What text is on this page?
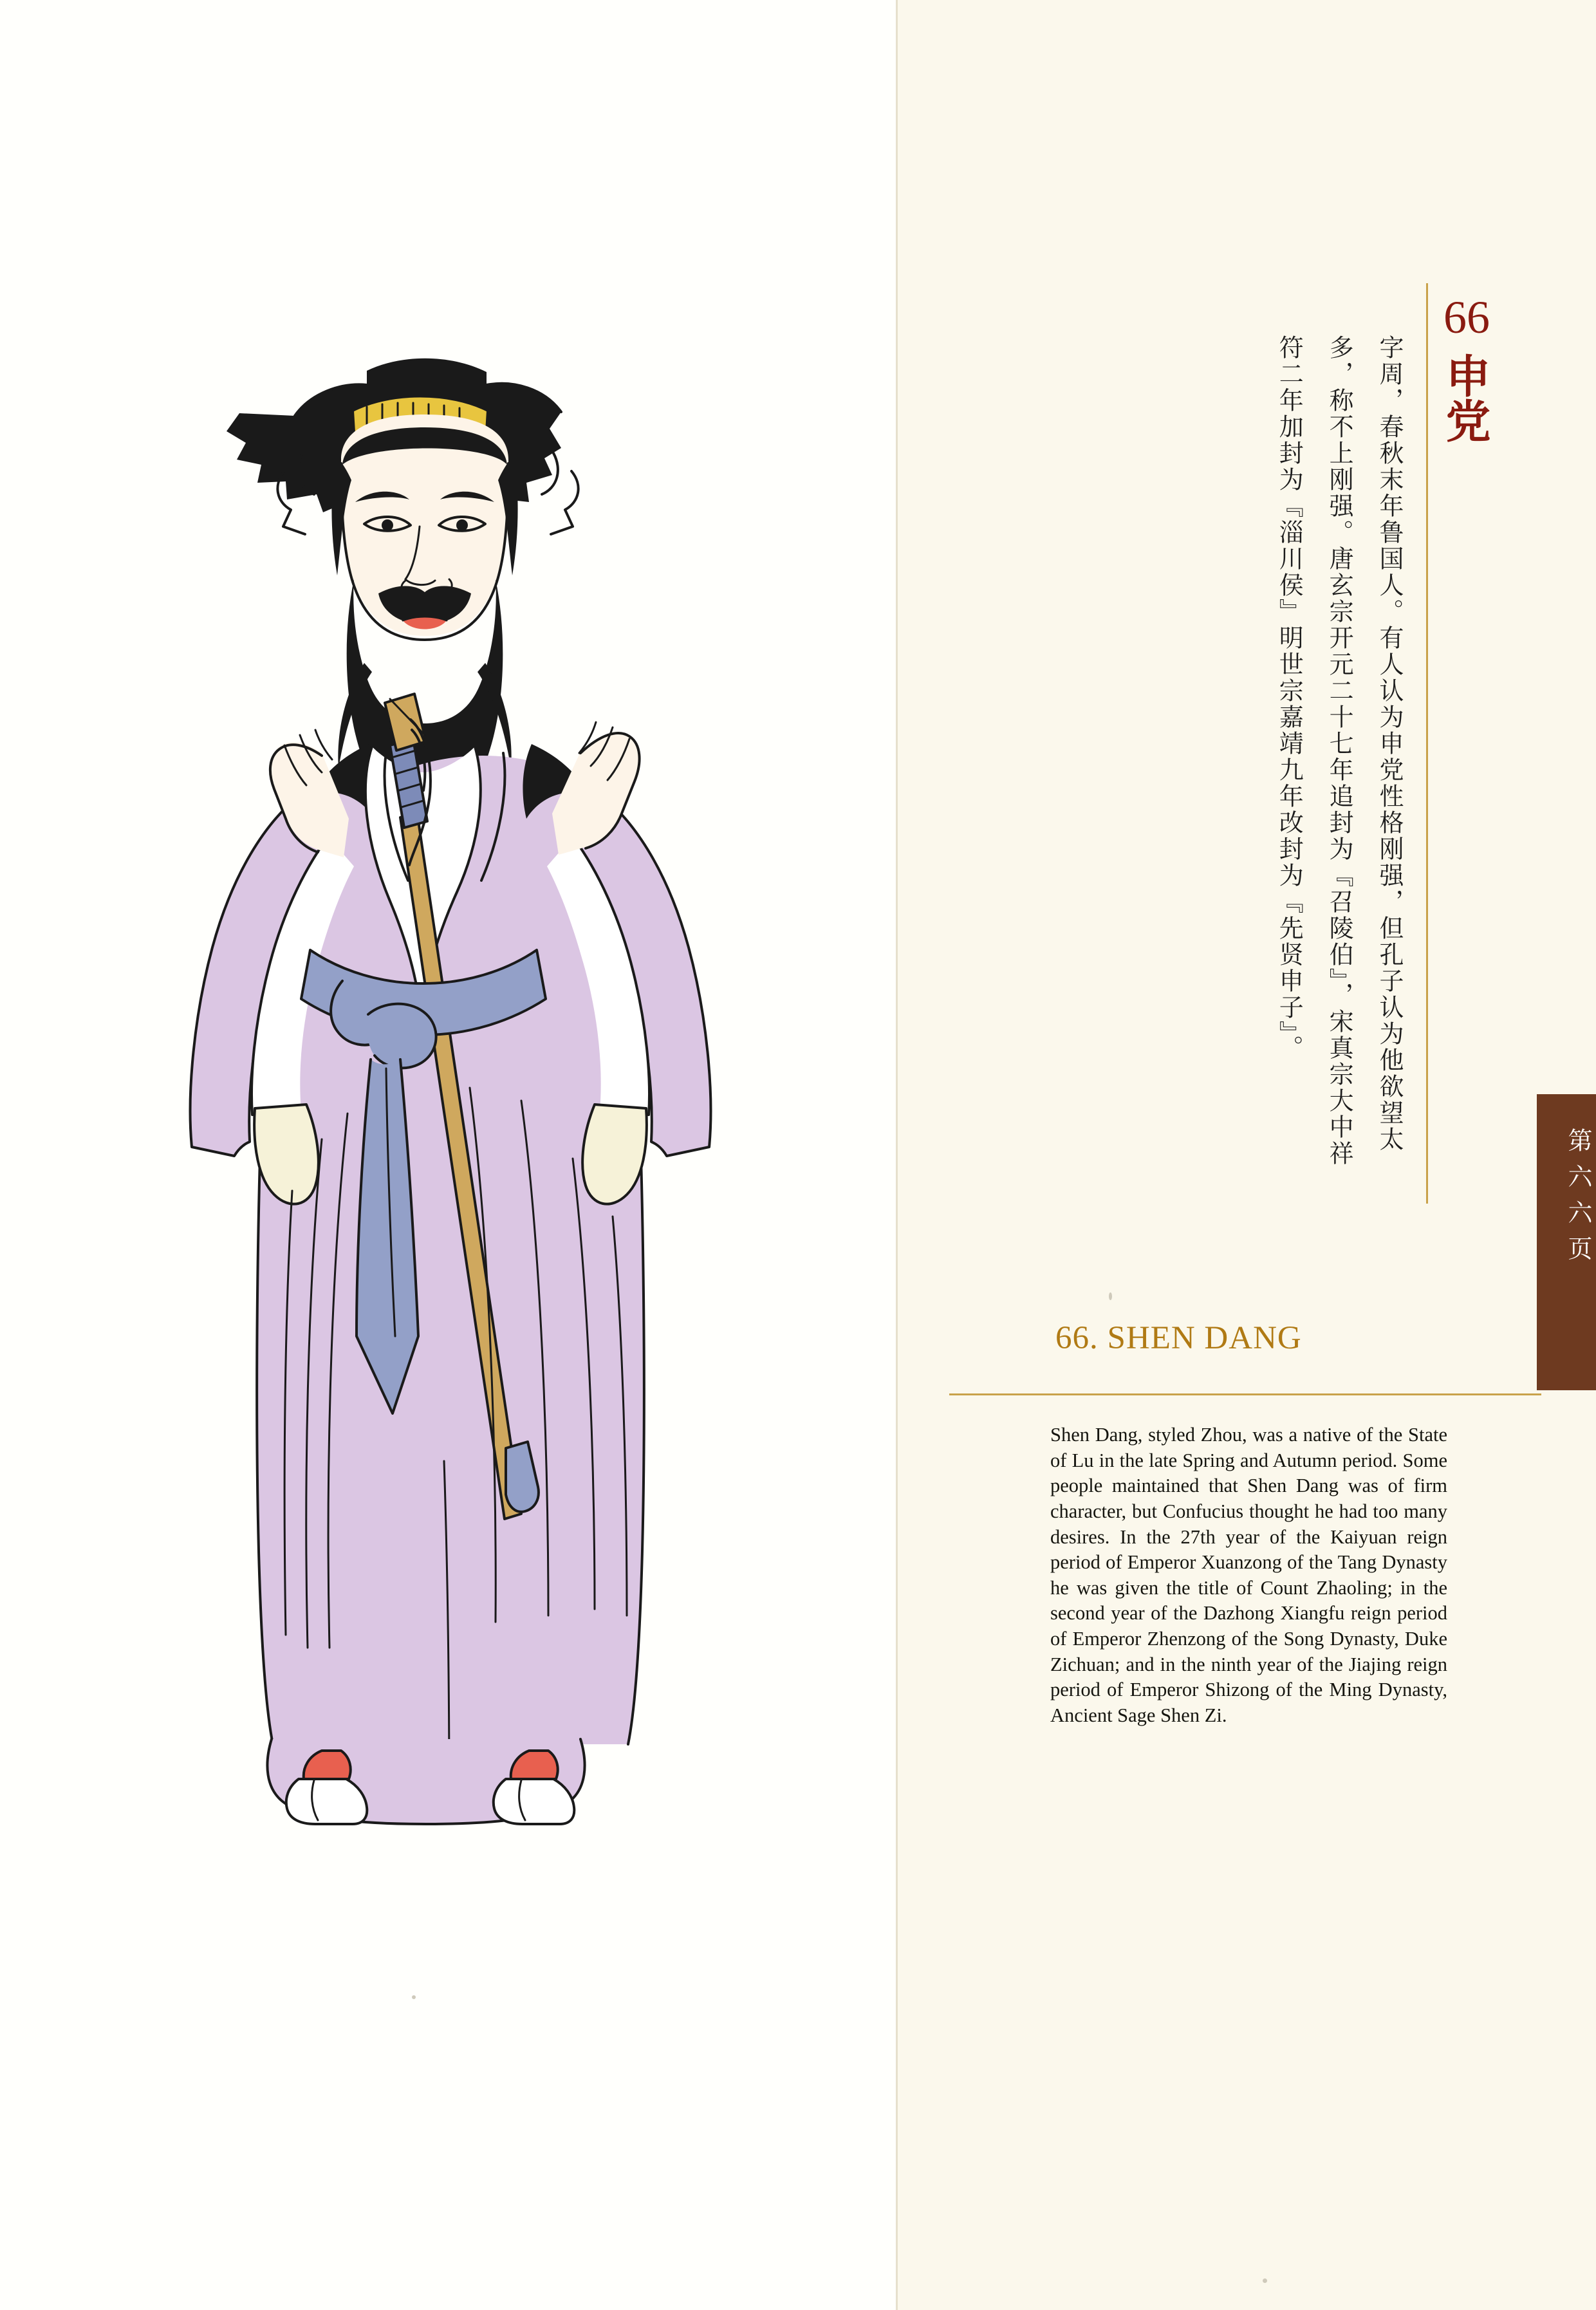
66
申党
字周，春秋末年鲁国人。有人认为申党性格刚强，但孔子认为他欲望太多，称不上刚强。唐玄宗开元二十七年追封为『召陵伯』，宋真宗大中祥符二年加封为『淄川侯』明世宗嘉靖九年改封为『先贤申子』。
第六六页
66. SHEN DANG
Shen Dang, styled Zhou, was a native of the State of Lu in the late Spring and Autumn period. Some people maintained that Shen Dang was of firm character, but Confucius thought he had too many desires. In the 27th year of the Kaiyuan reign period of Emperor Xuanzong of the Tang Dynasty he was given the title of Count Zhaoling; in the second year of the Dazhong Xiangfu reign period of Emperor Zhenzong of the Song Dynasty, Duke Zichuan; and in the ninth year of the Jiajing reign period of Emperor Shizong of the Ming Dynasty, Ancient Sage Shen Zi.
